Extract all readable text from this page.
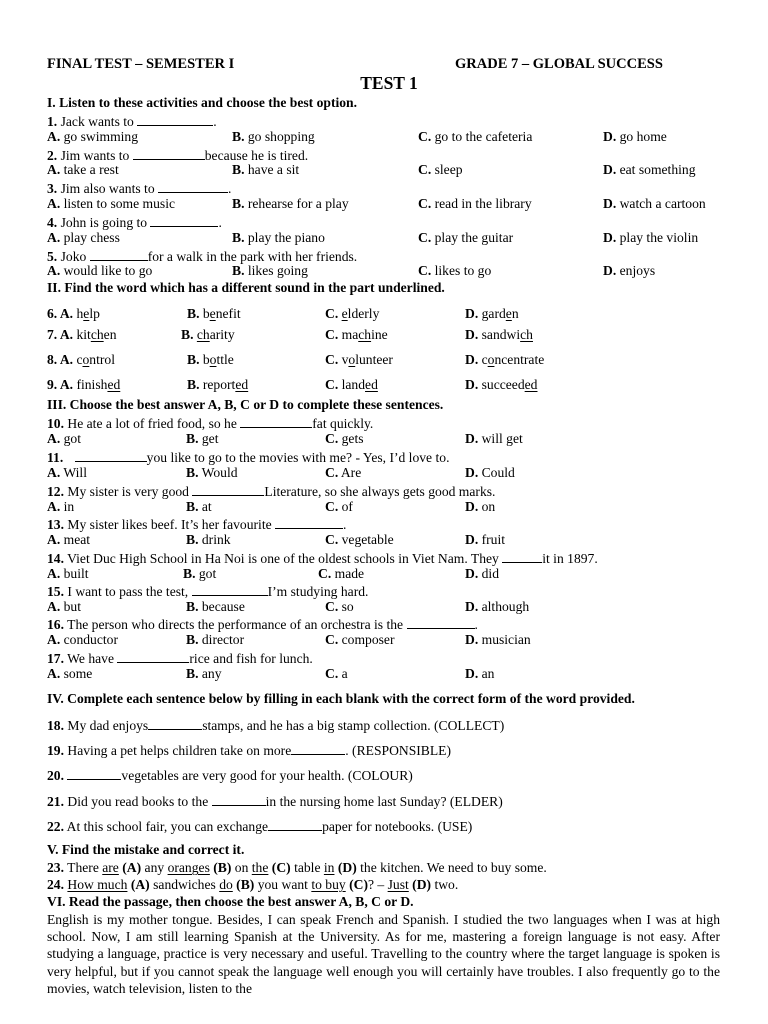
FINAL TEST – SEMESTER I	GRADE 7 – GLOBAL SUCCESS
TEST 1
I. Listen to these activities and choose the best option.
1. Jack wants to	.
A. go swimming	B. go shopping	C. go to the cafeteria	D. go home
2. Jim wants to	because he is tired.
A. take a rest	B. have a sit	C. sleep	D. eat something
3. Jim also wants to	.
A. listen to some music	B. rehearse for a play	C. read in the library	D. watch a cartoon
4. John is going to	.
A. play chess	B. play the piano	C. play the guitar	D. play the violin
5. Joko	for a walk in the park with her friends.
A. would like to go	B. likes going	C. likes to go	D. enjoys
II. Find the word which has a different sound in the part underlined.
6. A. help	B. benefit	C. elderly	D. garden
7. A. kitchen	B. charity	C. machine	D. sandwich
8. A. control	B. bottle	C. volunteer	D. concentrate
9. A. finished	B. reported	C. landed	D. succeeded
III. Choose the best answer A, B, C or D to complete these sentences.
10. He ate a lot of fried food, so he	fat quickly.
A. got	B. get	C. gets	D. will get
11.	you like to go to the movies with me? - Yes, I’d love to.
A. Will	B. Would	C. Are	D. Could
12. My sister is very good	Literature, so she always gets good marks.
A. in	B. at	C. of	D. on
13. My sister likes beef. It’s her favourite	.
A. meat	B. drink	C. vegetable	D. fruit
14. Viet Duc High School in Ha Noi is one of the oldest schools in Viet Nam. They	it in 1897.
A. built	B. got	C. made	D. did
15. I want to pass the test,	I’m studying hard.
A. but	B. because	C. so	D. although
16. The person who directs the performance of an orchestra is the	.
A. conductor	B. director	C. composer	D. musician
17. We have	rice and fish for lunch.
A. some	B. any	C. a	D. an
IV. Complete each sentence below by filling in each blank with the correct form of the word provided.
18. My dad enjoys	stamps, and he has a big stamp collection. (COLLECT)
19. Having a pet helps children take on more	. (RESPONSIBLE)
20.	vegetables are very good for your health. (COLOUR)
21. Did you read books to the	in the nursing home last Sunday? (ELDER)
22. At this school fair, you can exchange	paper for notebooks. (USE)
V. Find the mistake and correct it.
23. There are (A) any oranges (B) on the (C) table in (D) the kitchen. We need to buy some.
24. How much (A) sandwiches do (B) you want to buy (C)? – Just (D) two.
VI. Read the passage, then choose the best answer A, B, C or D.
English is my mother tongue. Besides, I can speak French and Spanish. I studied the two languages when I was at high school. Now, I am still learning Spanish at the University. As for me, mastering a foreign language is not easy. After studying a language, practice is very necessary and useful. Travelling to the country where the target language is spoken is very helpful, but if you cannot speak the language well enough you will certainly have troubles. I also frequently go to the movies, watch television, listen to the
